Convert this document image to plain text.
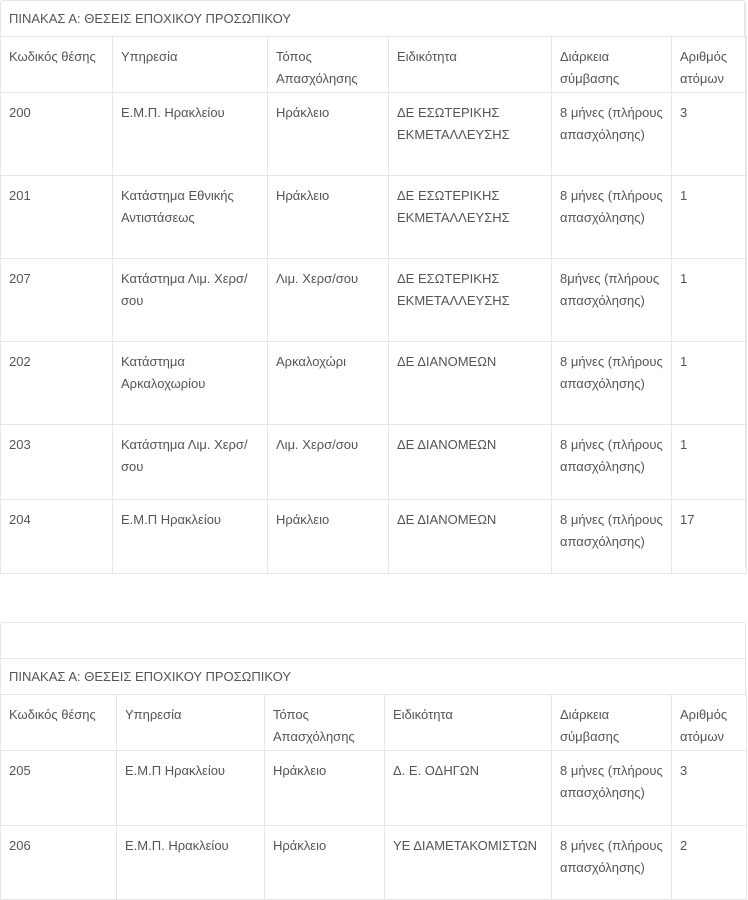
ΠΙΝΑΚΑΣ Α: ΘΕΣΕΙΣ ΕΠΟΧΙΚΟΥ ΠΡΟΣΩΠΙΚΟΥ
Κωδικός θέσης	Υπηρεσία	Τόπος Απασχόλησης	Ειδικότητα	Διάρκεια σύμβασης	Αριθμός ατόμων
200	Ε.Μ.Π. Ηρακλείου	Ηράκλειο	ΔΕ ΕΣΩΤΕΡΙΚΗΣ ΕΚΜΕΤΑΛΛΕΥΣΗΣ	8 μήνες (πλήρους απασχόλησης)	3
201	Κατάστημα Εθνικής Αντιστάσεως	Ηράκλειο	ΔΕ ΕΣΩΤΕΡΙΚΗΣ ΕΚΜΕΤΑΛΛΕΥΣΗΣ	8 μήνες (πλήρους απασχόλησης)	1
207	Κατάστημα Λιμ. Χερσ/σου	Λιμ. Χερσ/σου	ΔΕ ΕΣΩΤΕΡΙΚΗΣ ΕΚΜΕΤΑΛΛΕΥΣΗΣ	8μήνες (πλήρους απασχόλησης)	1
202	Κατάστημα Αρκαλοχωρίου	Αρκαλοχώρι	ΔΕ ΔΙΑΝΟΜΕΩΝ	8 μήνες (πλήρους απασχόλησης)	1
203	Κατάστημα Λιμ. Χερσ/σου	Λιμ. Χερσ/σου	ΔΕ ΔΙΑΝΟΜΕΩΝ	8 μήνες (πλήρους απασχόλησης)	1
204	Ε.Μ.Π Ηρακλείου	Ηράκλειο	ΔΕ ΔΙΑΝΟΜΕΩΝ	8 μήνες (πλήρους απασχόλησης)	17
ΠΙΝΑΚΑΣ Α: ΘΕΣΕΙΣ ΕΠΟΧΙΚΟΥ ΠΡΟΣΩΠΙΚΟΥ
Κωδικός θέσης	Υπηρεσία	Τόπος Απασχόλησης	Ειδικότητα	Διάρκεια σύμβασης	Αριθμός ατόμων
205	Ε.Μ.Π Ηρακλείου	Ηράκλειο	Δ. Ε. ΟΔΗΓΩΝ	8 μήνες (πλήρους απασχόλησης)	3
206	Ε.Μ.Π. Ηρακλείου	Ηράκλειο	ΥΕ ΔΙΑΜΕΤΑΚΟΜΙΣΤΩΝ	8 μήνες (πλήρους απασχόλησης)	2
